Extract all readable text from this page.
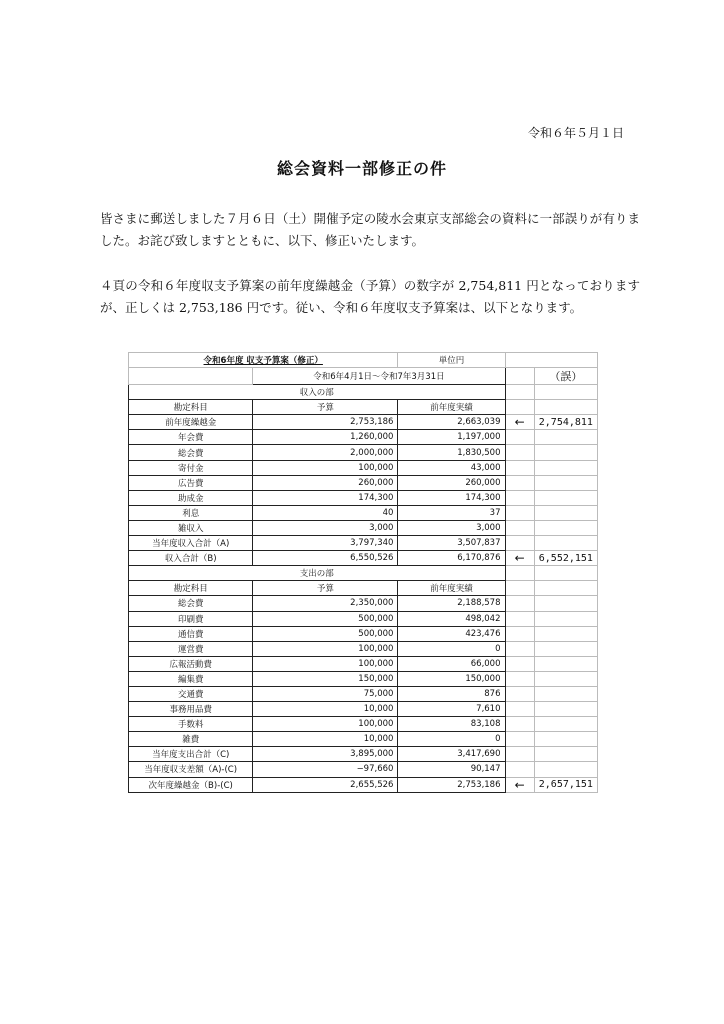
令和６年５月１日
総会資料一部修正の件
皆さまに郵送しました７月６日（土）開催予定の陵水会東京支部総会の資料に一部誤りが有りました。お詫び致しますとともに、以下、修正いたします。
４頁の令和６年度収支予算案の前年度繰越金（予算）の数字が 2,754,811 円となっておりますが、正しくは 2,753,186 円です。従い、令和６年度収支予算案は、以下となります。
令和6年度 収支予算案（修正）		単位円		
	令和6年4月1日～令和7年3月31日			（誤）
収入の部				
勘定科目	予算	前年度実績		
前年度繰越金	2,753,186	2,663,039	←	2,754,811
年会費	1,260,000	1,197,000		
総会費	2,000,000	1,830,500		
寄付金	100,000	43,000		
広告費	260,000	260,000		
助成金	174,300	174,300		
利息	40	37		
雑収入	3,000	3,000		
当年度収入合計（A)	3,797,340	3,507,837		
収入合計（B)	6,550,526	6,170,876	←	6,552,151
支出の部				
勘定科目	予算	前年度実績		
総会費	2,350,000	2,188,578		
印刷費	500,000	498,042		
通信費	500,000	423,476		
運営費	100,000	0		
広報活動費	100,000	66,000		
編集費	150,000	150,000		
交通費	75,000	876		
事務用品費	10,000	7,610		
手数料	100,000	83,108		
雑費	10,000	0		
当年度支出合計（C)	3,895,000	3,417,690		
当年度収支差額（A)-(C)	−97,660	90,147		
次年度繰越金（B)-(C)	2,655,526	2,753,186	←	2,657,151
